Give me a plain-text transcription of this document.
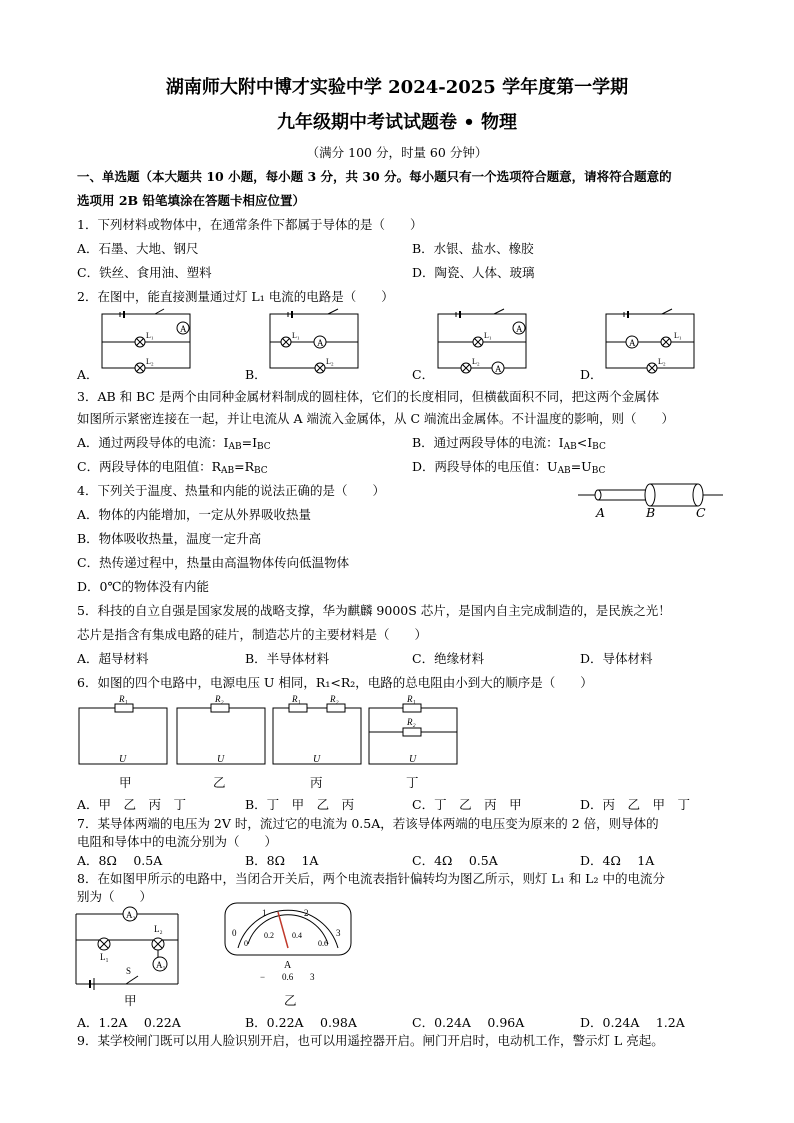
湖南师大附中博才实验中学 2024-2025 学年度第一学期
九年级期中考试试题卷 • 物理
（满分 100 分，时量 60 分钟）
一、单选题（本大题共 10 小题，每小题 3 分，共 30 分。每小题只有一个选项符合题意，请将符合题意的
选项用 2B 铅笔填涂在答题卡相应位置）
1．下列材料或物体中，在通常条件下都属于导体的是（　　）
A．石墨、大地、钢尺	B．水银、盐水、橡胶
C．铁丝、食用油、塑料	D．陶瓷、人体、玻璃
2．在图中，能直接测量通过灯 L₁ 电流的电路是（　　）
A
L₁
L₂
A．
A
L₁
L₂
B．
A
A
L₁
L₂
C．
A
L₁
L₂
D．
3．AB 和 BC 是两个由同种金属材料制成的圆柱体，它们的长度相同，但横截面积不同，把这两个金属体
如图所示紧密连接在一起，并让电流从 A 端流入金属体，从 C 端流出金属体。不计温度的影响，则（　　）
A．通过两段导体的电流：$I_{AB}=I_{BC}$	B．通过两段导体的电流：$I_{AB}<I_{BC}$
C．两段导体的电阻值：$R_{AB}=R_{BC}$	D．两段导体的电压值：$U_{AB}=U_{BC}$
A	B	C
4．下列关于温度、热量和内能的说法正确的是（　　）
A．物体的内能增加，一定从外界吸收热量
B．物体吸收热量，温度一定升高
C．热传递过程中，热量由高温物体传向低温物体
D．0℃的物体没有内能
5．科技的自立自强是国家发展的战略支撑，华为麒麟 9000S 芯片，是国内自主完成制造的，是民族之光！
芯片是指含有集成电路的硅片，制造芯片的主要材料是（　　）
A．超导材料	B．半导体材料	C．绝缘材料	D．导体材料
6．如图的四个电路中，电源电压 U 相同，R₁<R₂，电路的总电阻由小到大的顺序是（　　）
R₁
U
R₂
U
R₁	R₂
U
R₁
R₂
U
甲	乙	丙	丁
A．甲　乙　丙　丁	B．丁　甲　乙　丙	C．丁　乙　丙　甲	D．丙　乙　甲　丁
7．某导体两端的电压为 2V 时，流过它的电流为 0.5A，若该导体两端的电压变为原来的 2 倍，则导体的
电阻和导体中的电流分别为（　　）
A．8Ω　 0.5A	B．8Ω　 1A	C．4Ω　 0.5A	D．4Ω　 1A
8．在如图甲所示的电路中，当闭合开关后，两个电流表指针偏转均为图乙所示，则灯 L₁ 和 L₂ 中的电流分
别为（　　）
A₂
A₁
L₁
L₂
S
甲
0
1	2
3
0
0.2 0.4
0.6
A
− 0.6 3
乙
A．1.2A　 0.22A	B．0.22A　 0.98A	C．0.24A　 0.96A	D．0.24A　 1.2A
9．某学校闸门既可以用人脸识别开启，也可以用遥控器开启。闸门开启时，电动机工作，警示灯 L 亮起。
